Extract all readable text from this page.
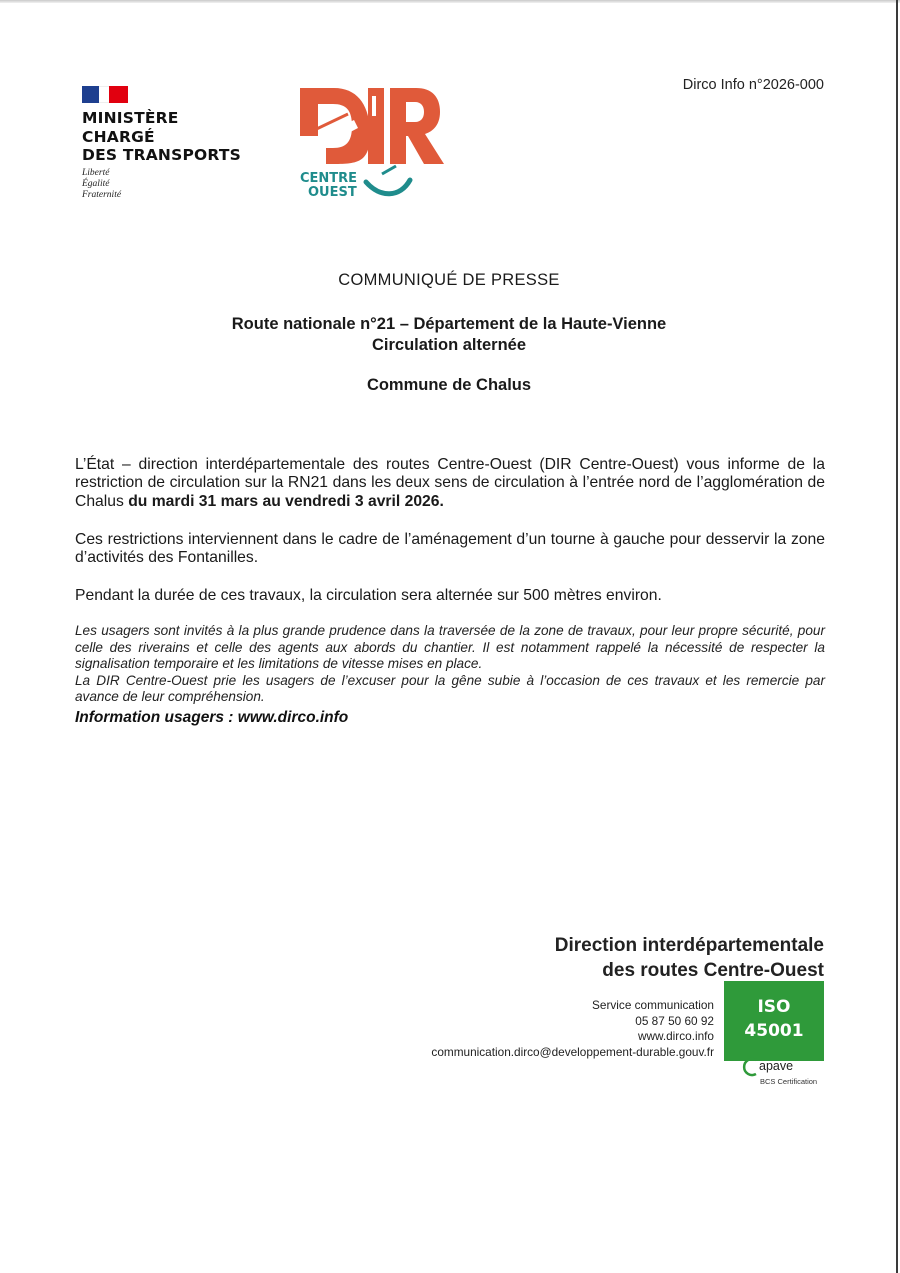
MINISTÈRE
CHARGÉ
DES TRANSPORTS
Liberté
Égalité
Fraternité
CENTRE
OUEST
Dirco Info n°2026-000
COMMUNIQUÉ DE PRESSE
Route nationale n°21 – Département de la Haute-Vienne
Circulation alternée
Commune de Chalus
L’État – direction interdépartementale des routes Centre-Ouest (DIR Centre-Ouest) vous informe de la restriction de circulation sur la RN21 dans les deux sens de circulation à l’entrée nord de l’agglomération de Chalus du mardi 31 mars au vendredi 3 avril 2026.
Ces restrictions interviennent dans le cadre de l’aménagement d’un tourne à gauche pour desservir la zone d’activités des Fontanilles.
Pendant la durée de ces travaux, la circulation sera alternée sur 500 mètres environ.
Les usagers sont invités à la plus grande prudence dans la traversée de la zone de travaux, pour leur propre sécurité, pour celle des riverains et celle des agents aux abords du chantier. Il est notamment rappelé la nécessité de respecter la signalisation temporaire et les limitations de vitesse mises en place.
La DIR Centre-Ouest prie les usagers de l’excuser pour la gêne subie à l’occasion de ces travaux et les remercie par avance de leur compréhension.
Information usagers : www.dirco.info
Direction interdépartementale
des routes Centre-Ouest
Service communication
05 87 50 60 92
www.dirco.info
communication.dirco@developpement-durable.gouv.fr
ISO
45001
apave
BCS Certification
